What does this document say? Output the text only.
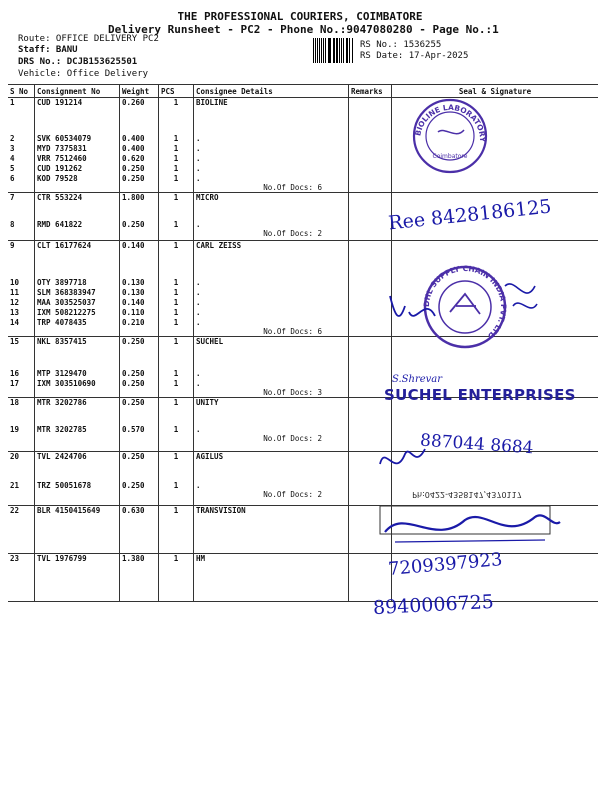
THE PROFESSIONAL COURIERS, COIMBATORE
Delivery Runsheet - PC2 - Phone No.:9047080280 - Page No.:1
Route: OFFICE DELIVERY PC2
Staff: BANU
DRS No.: DCJB153625501
Vehicle: Office Delivery
RS No.: 1536255
RS Date: 17-Apr-2025
S No	Consignment No	Weight	PCS	Consignee Details	Remarks	Seal & Signature
1	CUD 191214	0.260	1	BIOLINE		
2	SVK 60534079	0.400	1	.		
3	MYD 7375831	0.400	1	.		
4	VRR 7512460	0.620	1	.		
5	CUD 191262	0.250	1	.		
6	KOD 79528	0.250	1	.
No.Of Docs: 6		

7	CTR 553224	1.800	1	MICRO		
8	RMD 641822	0.250	1	.
No.Of Docs: 2		

9	CLT 16177624	0.140	1	CARL ZEISS		
10	OTY 3897718	0.130	1	.		
11	SLM 368383947	0.130	1	.		
12	MAA 303525037	0.140	1	.		
13	IXM 508212275	0.110	1	.		
14	TRP 4078435	0.210	1	.
No.Of Docs: 6		

15	NKL 8357415	0.250	1	SUCHEL		
16	MTP 3129470	0.250	1	.		
17	IXM 303510690	0.250	1	.
No.Of Docs: 3		

18	MTR 3202786	0.250	1	UNITY		
19	MTR 3202785	0.570	1	.
No.Of Docs: 2		

20	TVL 2424706	0.250	1	AGILUS		
21	TRZ 50051678	0.250	1	.
No.Of Docs: 2		

22	BLR 4150415649	0.630	1	TRANSVISION		
23	TVL 1976799	1.380	1	HM		
BIOLINE LABORATORY
Coimbatore
Ree 8428186125
DHL SUPPLY CHAIN INDIA PVT. LTD
S.Shrevar
SUCHEL ENTERPRISES
887044 8684
Ph:0422-4358147,4370117
7209397923
8940006725
